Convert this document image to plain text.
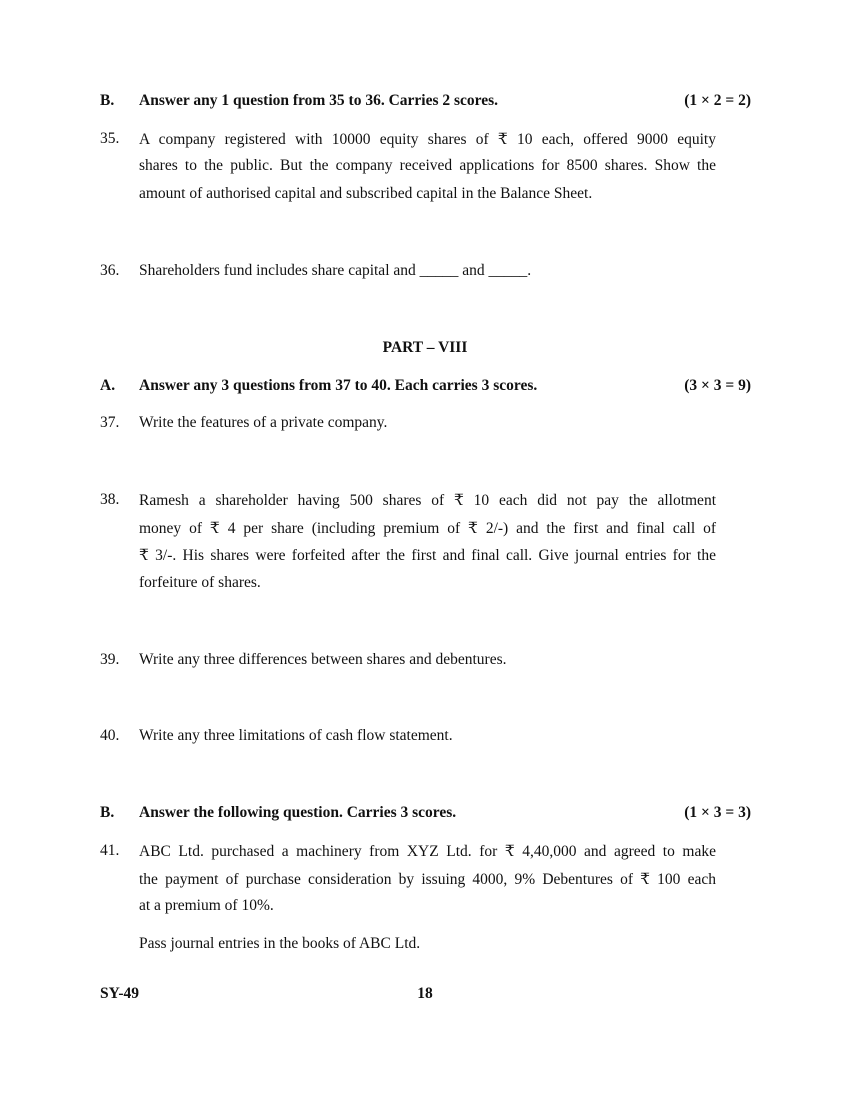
B. Answer any 1 question from 35 to 36. Carries 2 scores.	(1 × 2 = 2)
35. A company registered with 10000 equity shares of ₹ 10 each, offered 9000 equity
shares to the public. But the company received applications for 8500 shares. Show the
amount of authorised capital and subscribed capital in the Balance Sheet.
36. Shareholders fund includes share capital and _____ and _____.
PART – VIII
A. Answer any 3 questions from 37 to 40. Each carries 3 scores.	(3 × 3 = 9)
37. Write the features of a private company.
38. Ramesh a shareholder having 500 shares of ₹ 10 each did not pay the allotment
money of ₹ 4 per share (including premium of ₹ 2/-) and the first and final call of
₹ 3/-. His shares were forfeited after the first and final call. Give journal entries for the
forfeiture of shares.
39. Write any three differences between shares and debentures.
40. Write any three limitations of cash flow statement.
B. Answer the following question. Carries 3 scores.	(1 × 3 = 3)
41. ABC Ltd. purchased a machinery from XYZ Ltd. for ₹ 4,40,000 and agreed to make
the payment of purchase consideration by issuing 4000, 9% Debentures of ₹ 100 each
at a premium of 10%.
Pass journal entries in the books of ABC Ltd.
SY-49	18
